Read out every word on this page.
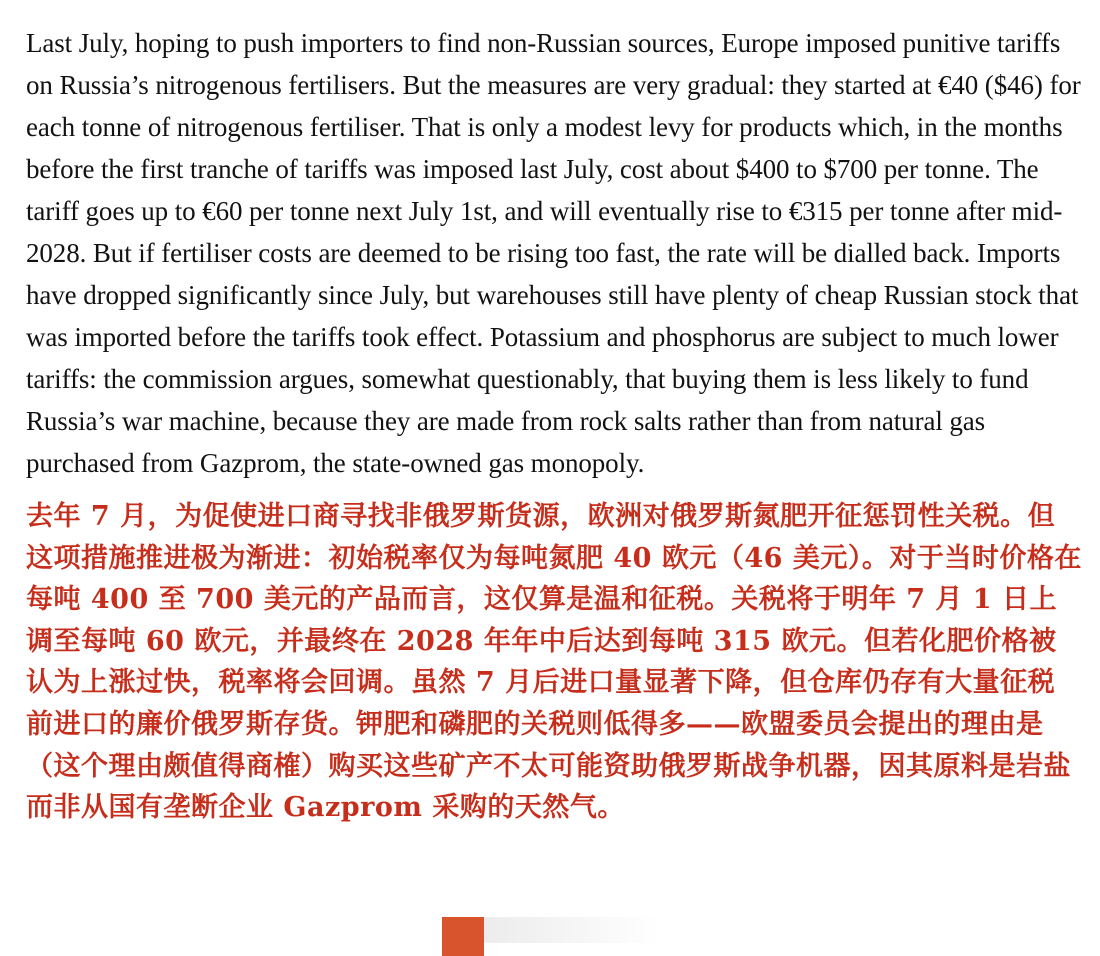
Last July, hoping to push importers to find non-Russian sources, Europe imposed punitive tariffs on Russia’s nitrogenous fertilisers. But the measures are very gradual: they started at €40 ($46) for each tonne of nitrogenous fertiliser. That is only a modest levy for products which, in the months before the first tranche of tariffs was imposed last July, cost about $400 to $700 per tonne. The tariff goes up to €60 per tonne next July 1st, and will eventually rise to €315 per tonne after mid-2028. But if fertiliser costs are deemed to be rising too fast, the rate will be dialled back. Imports have dropped significantly since July, but warehouses still have plenty of cheap Russian stock that was imported before the tariffs took effect. Potassium and phosphorus are subject to much lower tariffs: the commission argues, somewhat questionably, that buying them is less likely to fund Russia’s war machine, because they are made from rock salts rather than from natural gas purchased from Gazprom, the state-owned gas monopoly.

去年 7 月，为促使进口商寻找非俄罗斯货源，欧洲对俄罗斯氮肥开征惩罚性关税。但这项措施推进极为渐进：初始税率仅为每吨氮肥 40 欧元（46 美元）。对于当时价格在每吨 400 至 700 美元的产品而言，这仅算是温和征税。关税将于明年 7 月 1 日上调至每吨 60 欧元，并最终在 2028 年年中后达到每吨 315 欧元。但若化肥价格被认为上涨过快，税率将会回调。虽然 7 月后进口量显著下降，但仓库仍存有大量征税前进口的廉价俄罗斯存货。钾肥和磷肥的关税则低得多——欧盟委员会提出的理由是（这个理由颇值得商榷）购买这些矿产不太可能资助俄罗斯战争机器，因其原料是岩盐而非从国有垄断企业 Gazprom 采购的天然气。
